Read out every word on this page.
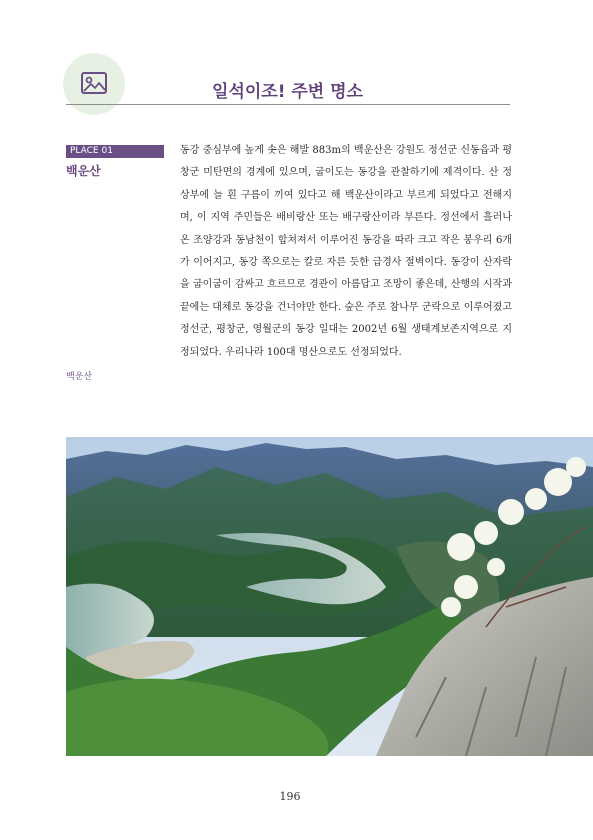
일석이조! 주변 명소
PLACE 01
백운산
동강 중심부에 높게 솟은 해발 883m의 백운산은 강원도 정선군 신동읍과 평창군 미탄면의 경계에 있으며, 굽이도는 동강을 관찰하기에 제격이다. 산 정상부에 늘 흰 구름이 끼여 있다고 해 백운산이라고 부르게 되었다고 전해지며, 이 지역 주민들은 배비랑산 또는 배구랑산이라 부른다. 정선에서 흘러나온 조양강과 동남천이 합쳐져서 이루어진 동강을 따라 크고 작은 봉우리 6개가 이어지고, 동강 쪽으로는 칼로 자른 듯한 급경사 절벽이다. 동강이 산자락을 굽이굽이 감싸고 흐르므로 경관이 아름답고 조망이 좋은데, 산행의 시작과 끝에는 대체로 동강을 건너야만 한다. 숲은 주로 참나무 군락으로 이루어졌고 정선군, 평창군, 영월군의 동강 일대는 2002년 6월 생태계보존지역으로 지정되었다. 우리나라 100대 명산으로도 선정되었다.
백운산
196
